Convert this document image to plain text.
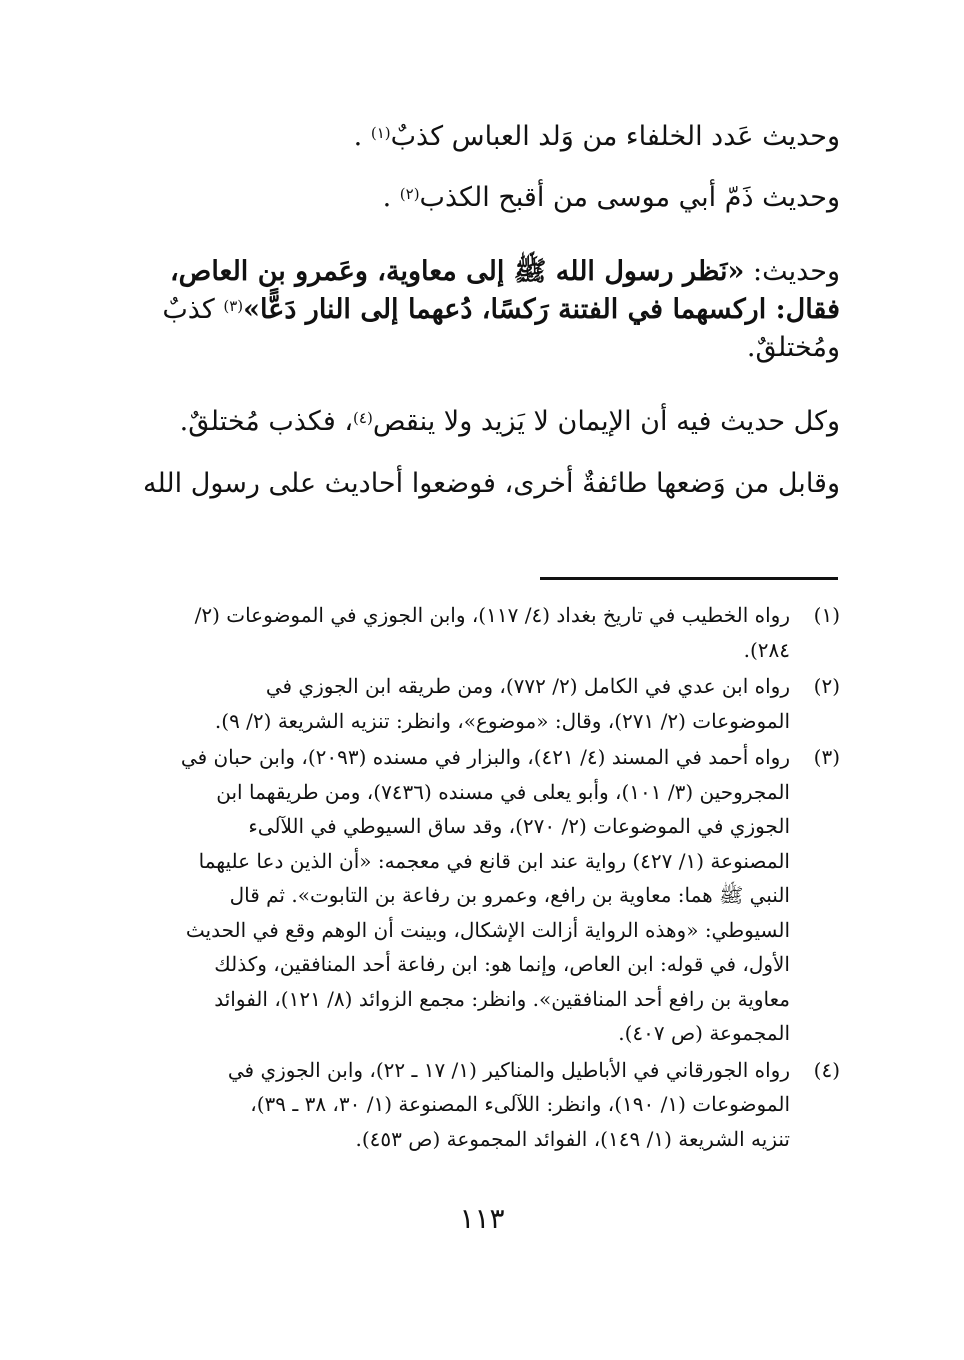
وحديث عَدد الخلفاء من وَلد العباس كذبٌ$^{(١)}$ .

وحديث ذَمّ أبي موسى من أقبح الكذب$^{(٢)}$ .

وحديث: «نَظر رسول الله ﷺ إلى معاوية، وعَمرو بن العاص،
فقال: اركسهما في الفتنة رَكسًا، دُعهما إلى النار دَعًّا»$^{(٣)}$ كذبٌ
ومُختلقٌ.

وكل حديث فيه أن الإيمان لا يَزيد ولا ينقص$^{(٤)}$، فكذب مُختلقٌ.

وقابل من وَضعها طائفةٌ أخرى، فوضعوا أحاديث على رسول الله

(١)
رواه الخطيب في تاريخ بغداد (٤/ ١١٧)، وابن الجوزي في الموضوعات (٢/
٢٨٤).
(٢)
رواه ابن عدي في الكامل (٢/ ٧٧٢)، ومن طريقه ابن الجوزي في
الموضوعات (٢/ ٢٧١)، وقال: «موضوع»، وانظر: تنزيه الشريعة (٢/ ٩).
(٣)
رواه أحمد في المسند (٤/ ٤٢١)، والبزار في مسنده (٢٠٩٣)، وابن حبان في
المجروحين (٣/ ١٠١)، وأبو يعلى في مسنده (٧٤٣٦)، ومن طريقهما ابن
الجوزي في الموضوعات (٢/ ٢٧٠)، وقد ساق السيوطي في اللآلىء
المصنوعة (١/ ٤٢٧) رواية عند ابن قانع في معجمه: «أن الذين دعا عليهما
النبي ﷺ هما: معاوية بن رافع، وعمرو بن رفاعة بن التابوت». ثم قال
السيوطي: «وهذه الرواية أزالت الإشكال، وبينت أن الوهم وقع في الحديث
الأول، في قوله: ابن العاص، وإنما هو: ابن رفاعة أحد المنافقين، وكذلك
معاوية بن رافع أحد المنافقين». وانظر: مجمع الزوائد (٨/ ١٢١)، الفوائد
المجموعة (ص ٤٠٧).
(٤)
رواه الجورقاني في الأباطيل والمناكير (١/ ١٧ ـ ٢٢)، وابن الجوزي في
الموضوعات (١/ ١٩٠)، وانظر: اللآلىء المصنوعة (١/ ٣٠، ٣٨ ـ ٣٩)،
تنزيه الشريعة (١/ ١٤٩)، الفوائد المجموعة (ص ٤٥٣).
١١٣
